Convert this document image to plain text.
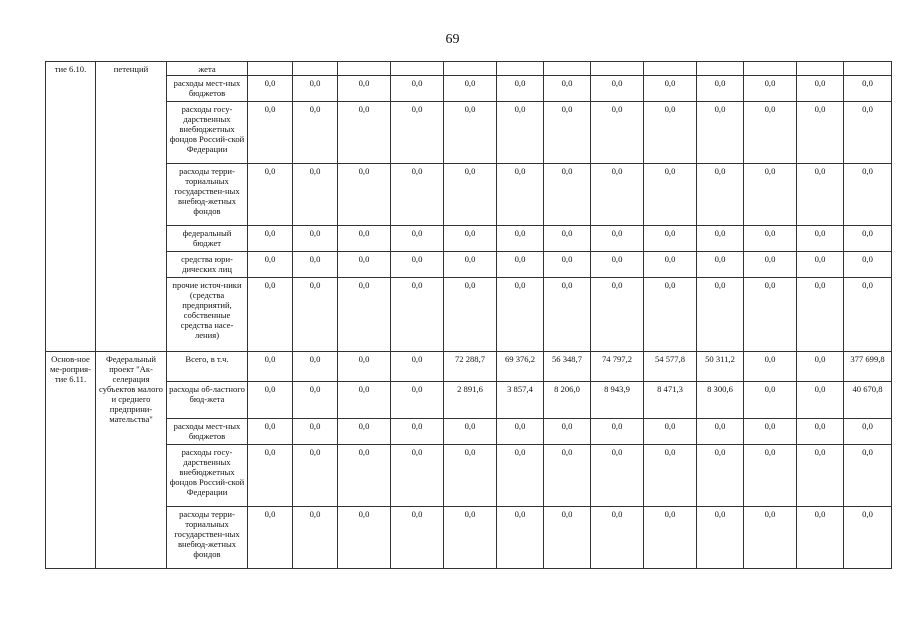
69
тие 6.10.	петенций	жета													
		расходы мест-ных бюджетов	0,0	0,0	0,0	0,0	0,0	0,0	0,0	0,0	0,0	0,0	0,0	0,0	0,0
		расходы госу-дарственных внебюджетных фондов Россий-ской Федерации	0,0	0,0	0,0	0,0	0,0	0,0	0,0	0,0	0,0	0,0	0,0	0,0	0,0
		расходы терри-ториальных государствен-ных внебюд-жетных фондов	0,0	0,0	0,0	0,0	0,0	0,0	0,0	0,0	0,0	0,0	0,0	0,0	0,0
		федеральный бюджет	0,0	0,0	0,0	0,0	0,0	0,0	0,0	0,0	0,0	0,0	0,0	0,0	0,0
		средства юри-дических лиц	0,0	0,0	0,0	0,0	0,0	0,0	0,0	0,0	0,0	0,0	0,0	0,0	0,0
		прочие источ-ники (средства предприятий, собственные средства насе-ления)	0,0	0,0	0,0	0,0	0,0	0,0	0,0	0,0	0,0	0,0	0,0	0,0	0,0
Основ-ное ме-роприя-тие 6.11.	Федеральный проект "Ак-селерация субъектов малого и среднего предприни-мательства"	Всего, в т.ч.	0,0	0,0	0,0	0,0	72 288,7	69 376,2	56 348,7	74 797,2	54 577,8	50 311,2	0,0	0,0	377 699,8
		расходы об-ластного бюд-жета	0,0	0,0	0,0	0,0	2 891,6	3 857,4	8 206,0	8 943,9	8 471,3	8 300,6	0,0	0,0	40 670,8
		расходы мест-ных бюджетов	0,0	0,0	0,0	0,0	0,0	0,0	0,0	0,0	0,0	0,0	0,0	0,0	0,0
		расходы госу-дарственных внебюджетных фондов Россий-ской Федерации	0,0	0,0	0,0	0,0	0,0	0,0	0,0	0,0	0,0	0,0	0,0	0,0	0,0
		расходы терри-ториальных государствен-ных внебюд-жетных фондов	0,0	0,0	0,0	0,0	0,0	0,0	0,0	0,0	0,0	0,0	0,0	0,0	0,0
